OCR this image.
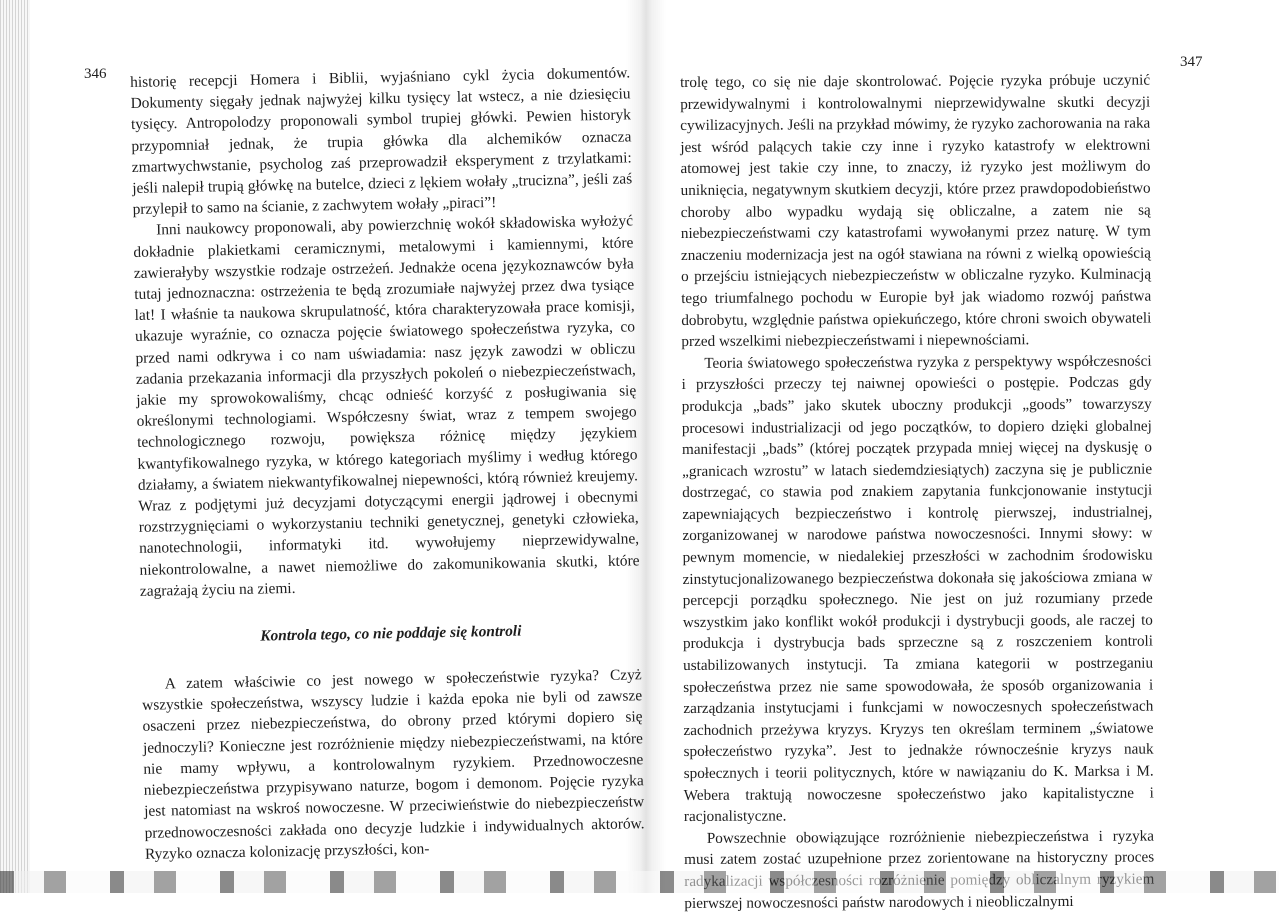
346
347

historię recepcji Homera i Biblii, wyjaśniano cykl życia dokumentów. Dokumenty sięgały jednak najwyżej kilku tysięcy lat wstecz, a nie dziesięciu tysięcy. Antropolodzy proponowali symbol trupiej główki. Pewien historyk przypomniał jednak, że trupia główka dla alchemików oznacza zmartwychwstanie, psycholog zaś przeprowadził eksperyment z trzylatkami: jeśli nalepił trupią główkę na butelce, dzieci z lękiem wołały „trucizna”, jeśli zaś przylepił to samo na ścianie, z zachwytem wołały „piraci”!

Inni naukowcy proponowali, aby powierzchnię wokół składowiska wyłożyć dokładnie plakietkami ceramicznymi, metalowymi i kamiennymi, które zawierałyby wszystkie rodzaje ostrzeżeń. Jednakże ocena językoznawców była tutaj jednoznaczna: ostrzeżenia te będą zrozumiałe najwyżej przez dwa tysiące lat! I właśnie ta naukowa skrupulatność, która charakteryzowała prace komisji, ukazuje wyraźnie, co oznacza pojęcie światowego społeczeństwa ryzyka, co przed nami odkrywa i co nam uświadamia: nasz język zawodzi w obliczu zadania przekazania informacji dla przyszłych pokoleń o niebezpieczeństwach, jakie my sprowokowaliśmy, chcąc odnieść korzyść z posługiwania się określonymi technologiami. Współczesny świat, wraz z tempem swojego technologicznego rozwoju, powiększa różnicę między językiem kwantyfikowalnego ryzyka, w którego kategoriach myślimy i według którego działamy, a światem niekwantyfikowalnej niepewności, którą również kreujemy. Wraz z podjętymi już decyzjami dotyczącymi energii jądrowej i obecnymi rozstrzygnięciami o wykorzystaniu techniki genetycznej, genetyki człowieka, nanotechnologii, informatyki itd. wywołujemy nieprzewidywalne, niekontrolowalne, a nawet niemożliwe do zakomunikowania skutki, które zagrażają życiu na ziemi.

Kontrola tego, co nie poddaje się kontroli

A zatem właściwie co jest nowego w społeczeństwie ryzyka? Czyż wszystkie społeczeństwa, wszyscy ludzie i każda epoka nie byli od zawsze osaczeni przez niebezpieczeństwa, do obrony przed którymi dopiero się jednoczyli? Konieczne jest rozróżnienie między niebezpieczeństwami, na które nie mamy wpływu, a kontrolowalnym ryzykiem. Przednowoczesne niebezpieczeństwa przypisywano naturze, bogom i demonom. Pojęcie ryzyka jest natomiast na wskroś nowoczesne. W przeciwieństwie do niebezpieczeństw przednowoczesności zakłada ono decyzje ludzkie i indywidualnych aktorów. Ryzyko oznacza kolonizację przyszłości, kon-

trolę tego, co się nie daje skontrolować. Pojęcie ryzyka próbuje uczynić przewidywalnymi i kontrolowalnymi nieprzewidywalne skutki decyzji cywilizacyjnych. Jeśli na przykład mówimy, że ryzyko zachorowania na raka jest wśród palących takie czy inne i ryzyko katastrofy w elektrowni atomowej jest takie czy inne, to znaczy, iż ryzyko jest możliwym do uniknięcia, negatywnym skutkiem decyzji, które przez prawdopodobieństwo choroby albo wypadku wydają się obliczalne, a zatem nie są niebezpieczeństwami czy katastrofami wywołanymi przez naturę. W tym znaczeniu modernizacja jest na ogół stawiana na równi z wielką opowieścią o przejściu istniejących niebezpieczeństw w obliczalne ryzyko. Kulminacją tego triumfalnego pochodu w Europie był jak wiadomo rozwój państwa dobrobytu, względnie państwa opiekuńczego, które chroni swoich obywateli przed wszelkimi niebezpieczeństwami i niepewnościami.

Teoria światowego społeczeństwa ryzyka z perspektywy współczesności i przyszłości przeczy tej naiwnej opowieści o postępie. Podczas gdy produkcja „bads” jako skutek uboczny produkcji „goods” towarzyszy procesowi industrializacji od jego początków, to dopiero dzięki globalnej manifestacji „bads” (której początek przypada mniej więcej na dyskusję o „granicach wzrostu” w latach siedemdziesiątych) zaczyna się je publicznie dostrzegać, co stawia pod znakiem zapytania funkcjonowanie instytucji zapewniających bezpieczeństwo i kontrolę pierwszej, industrialnej, zorganizowanej w narodowe państwa nowoczesności. Innymi słowy: w pewnym momencie, w niedalekiej przeszłości w zachodnim środowisku zinstytucjonalizowanego bezpieczeństwa dokonała się jakościowa zmiana w percepcji porządku społecznego. Nie jest on już rozumiany przede wszystkim jako konflikt wokół produkcji i dystrybucji goods, ale raczej to produkcja i dystrybucja bads sprzeczne są z roszczeniem kontroli ustabilizowanych instytucji. Ta zmiana kategorii w postrzeganiu społeczeństwa przez nie same spowodowała, że sposób organizowania i zarządzania instytucjami i funkcjami w nowoczesnych społeczeństwach zachodnich przeżywa kryzys. Kryzys ten określam terminem „światowe społeczeństwo ryzyka”. Jest to jednakże równocześnie kryzys nauk społecznych i teorii politycznych, które w nawiązaniu do K. Marksa i M. Webera traktują nowoczesne społeczeństwo jako kapitalistyczne i racjonalistyczne.

Powszechnie obowiązujące rozróżnienie niebezpieczeństwa i ryzyka musi zatem zostać uzupełnione przez zorientowane na historyczny proces pierwszej nowoczesności państw narodowych i nieobliczalnymi
